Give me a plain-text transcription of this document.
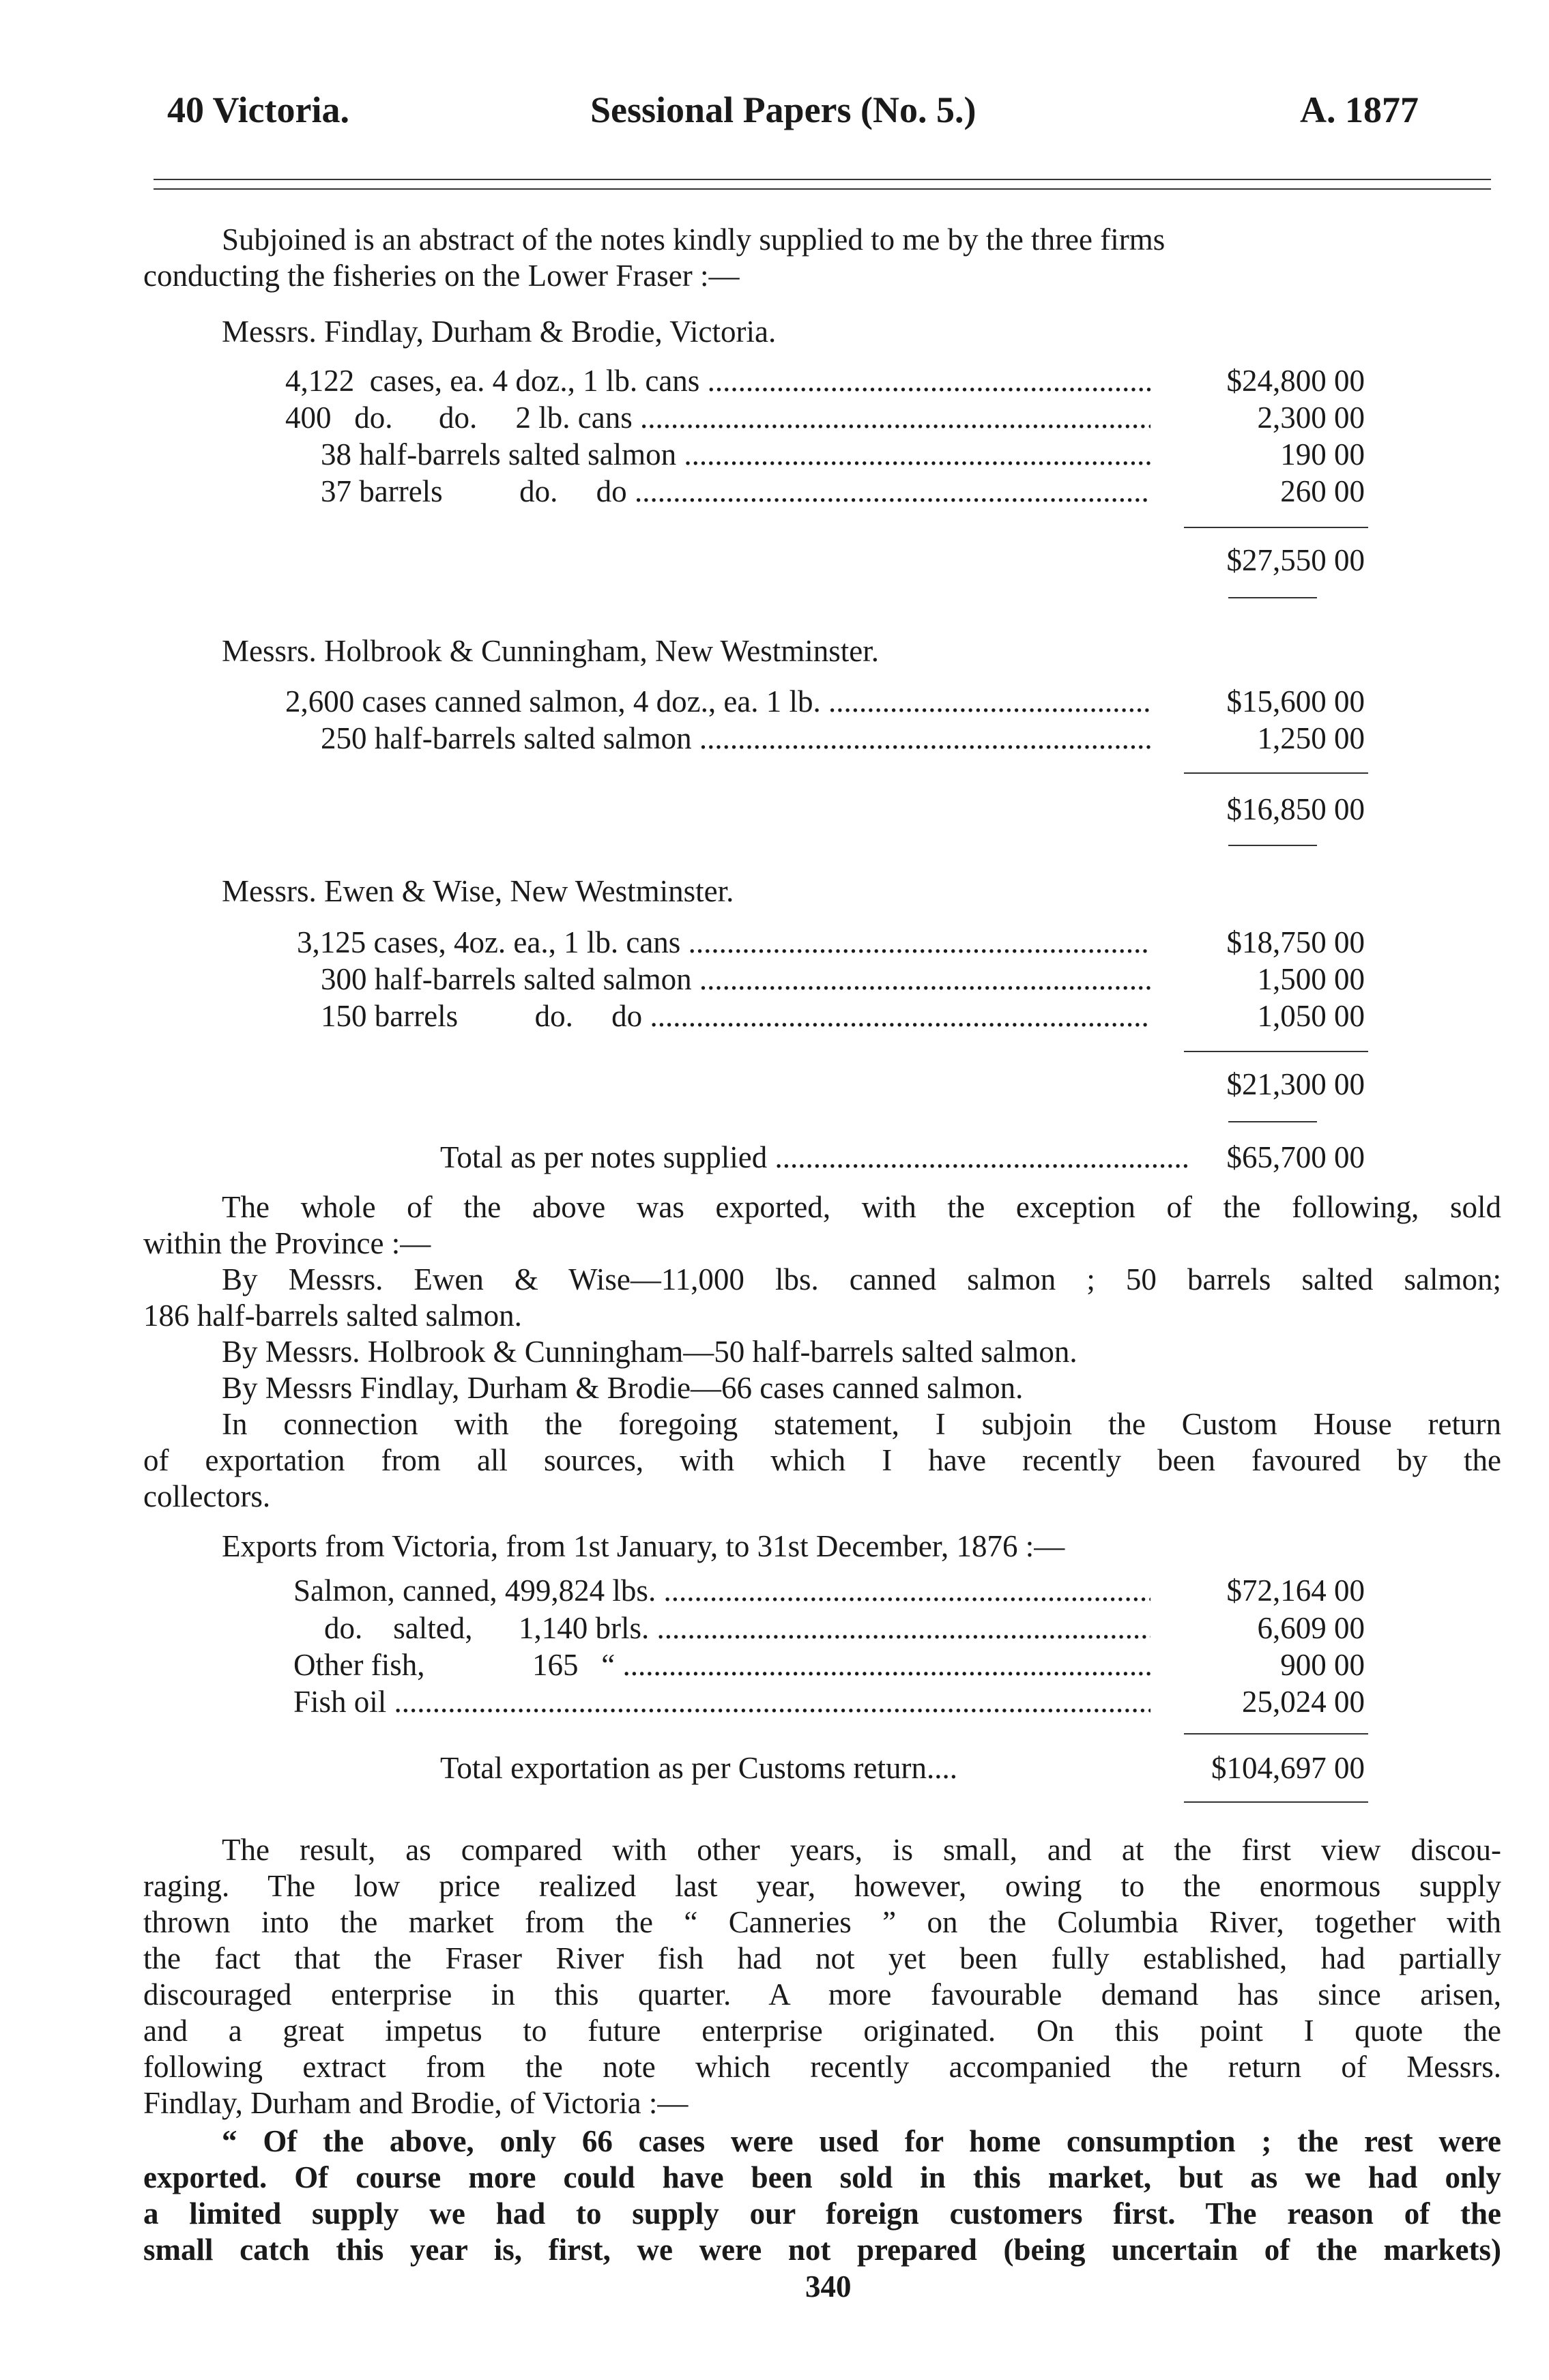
40 Victoria.	Sessional Papers (No. 5.)	A. 1877
Subjoined is an abstract of the notes kindly supplied to me by the three firms
conducting the fisheries on the Lower Fraser :—
Messrs. Findlay, Durham & Brodie, Victoria.
4,122  cases, ea. 4 doz., 1 lb. cans .....	$24,800 00
400   do.      do.     2 lb. cans .....	2,300 00
38 half-barrels salted salmon .....	190 00
37 barrels          do.     do .....	260 00
$27,550 00
Messrs. Holbrook & Cunningham, New Westminster.
2,600 cases canned salmon, 4 doz., ea. 1 lb. .....	$15,600 00
250 half-barrels salted salmon .....	1,250 00
$16,850 00
Messrs. Ewen & Wise, New Westminster.
3,125 cases, 4oz. ea., 1 lb. cans .....	$18,750 00
300 half-barrels salted salmon .....	1,500 00
150 barrels          do.     do .....	1,050 00
$21,300 00
Total as per notes supplied .....	$65,700 00
The whole of the above was exported, with the exception of the following, sold
within the Province :—
By Messrs. Ewen & Wise—11,000 lbs. canned salmon ; 50 barrels salted salmon;
186 half-barrels salted salmon.
By Messrs. Holbrook & Cunningham—50 half-barrels salted salmon.
By Messrs Findlay, Durham & Brodie—66 cases canned salmon.
In connection with the foregoing statement, I subjoin the Custom House return
of exportation from all sources, with which I have recently been favoured by the
collectors.
Exports from Victoria, from 1st January, to 31st December, 1876 :—
Salmon, canned, 499,824 lbs. .....	$72,164 00
do.    salted,      1,140 brls. .....	6,609 00
Other fish,              165   “ .....	900 00
Fish oil .....	25,024 00
Total exportation as per Customs return....	$104,697 00
The result, as compared with other years, is small, and at the first view discou-
raging. The low price realized last year, however, owing to the enormous supply
thrown into the market from the “ Canneries ” on the Columbia River, together with
the fact that the Fraser River fish had not yet been fully established, had partially
discouraged enterprise in this quarter. A more favourable demand has since arisen,
and a great impetus to future enterprise originated. On this point I quote the
following extract from the note which recently accompanied the return of Messrs.
Findlay, Durham and Brodie, of Victoria :—
“ Of the above, only 66 cases were used for home consumption ; the rest were
exported. Of course more could have been sold in this market, but as we had only
a limited supply we had to supply our foreign customers first. The reason of the
small catch this year is, first, we were not prepared (being uncertain of the markets)
340
